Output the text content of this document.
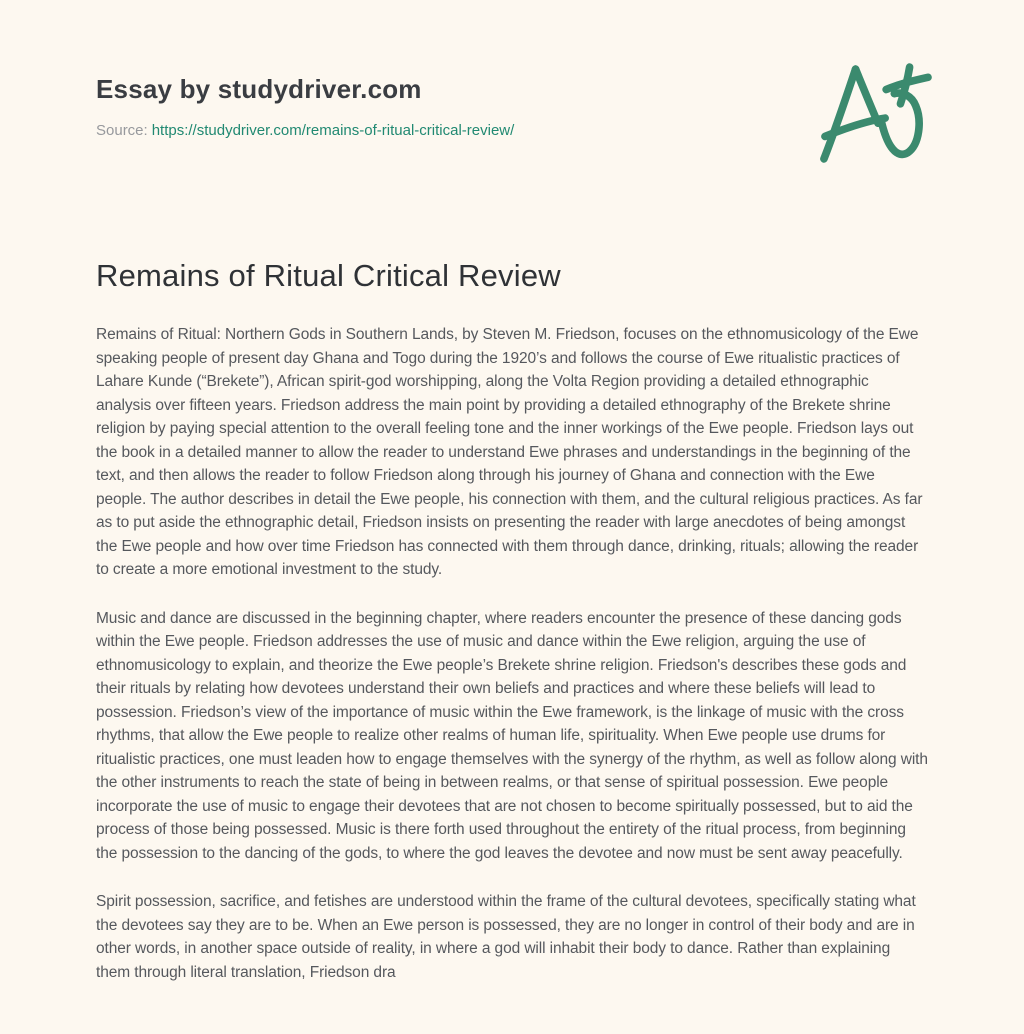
Essay by studydriver.com
Source: https://studydriver.com/remains-of-ritual-critical-review/
Remains of Ritual Critical Review

Remains of Ritual: Northern Gods in Southern Lands, by Steven M. Friedson, focuses on the ethnomusicology of the Ewe speaking people of present day Ghana and Togo during the 1920’s and follows the course of Ewe ritualistic practices of Lahare Kunde (“Brekete”), African spirit-god worshipping, along the Volta Region providing a detailed ethnographic analysis over fifteen years. Friedson address the main point by providing a detailed ethnography of the Brekete shrine religion by paying special attention to the overall feeling tone and the inner workings of the Ewe people. Friedson lays out the book in a detailed manner to allow the reader to understand Ewe phrases and understandings in the beginning of the text, and then allows the reader to follow Friedson along through his journey of Ghana and connection with the Ewe people. The author describes in detail the Ewe people, his connection with them, and the cultural religious practices. As far as to put aside the ethnographic detail, Friedson insists on presenting the reader with large anecdotes of being amongst the Ewe people and how over time Friedson has connected with them through dance, drinking, rituals; allowing the reader to create a more emotional investment to the study.

Music and dance are discussed in the beginning chapter, where readers encounter the presence of these dancing gods within the Ewe people. Friedson addresses the use of music and dance within the Ewe religion, arguing the use of ethnomusicology to explain, and theorize the Ewe people’s Brekete shrine religion. Friedson's describes these gods and their rituals by relating how devotees understand their own beliefs and practices and where these beliefs will lead to possession. Friedson’s view of the importance of music within the Ewe framework, is the linkage of music with the cross rhythms, that allow the Ewe people to realize other realms of human life, spirituality. When Ewe people use drums for ritualistic practices, one must leaden how to engage themselves with the synergy of the rhythm, as well as follow along with the other instruments to reach the state of being in between realms, or that sense of spiritual possession. Ewe people incorporate the use of music to engage their devotees that are not chosen to become spiritually possessed, but to aid the process of those being possessed. Music is there forth used throughout the entirety of the ritual process, from beginning the possession to the dancing of the gods, to where the god leaves the devotee and now must be sent away peacefully.

Spirit possession, sacrifice, and fetishes are understood within the frame of the cultural devotees, specifically stating what the devotees say they are to be. When an Ewe person is possessed, they are no longer in control of their body and are in other words, in another space outside of reality, in where a god will inhabit their body to dance. Rather than explaining them through literal translation, Friedson dra
